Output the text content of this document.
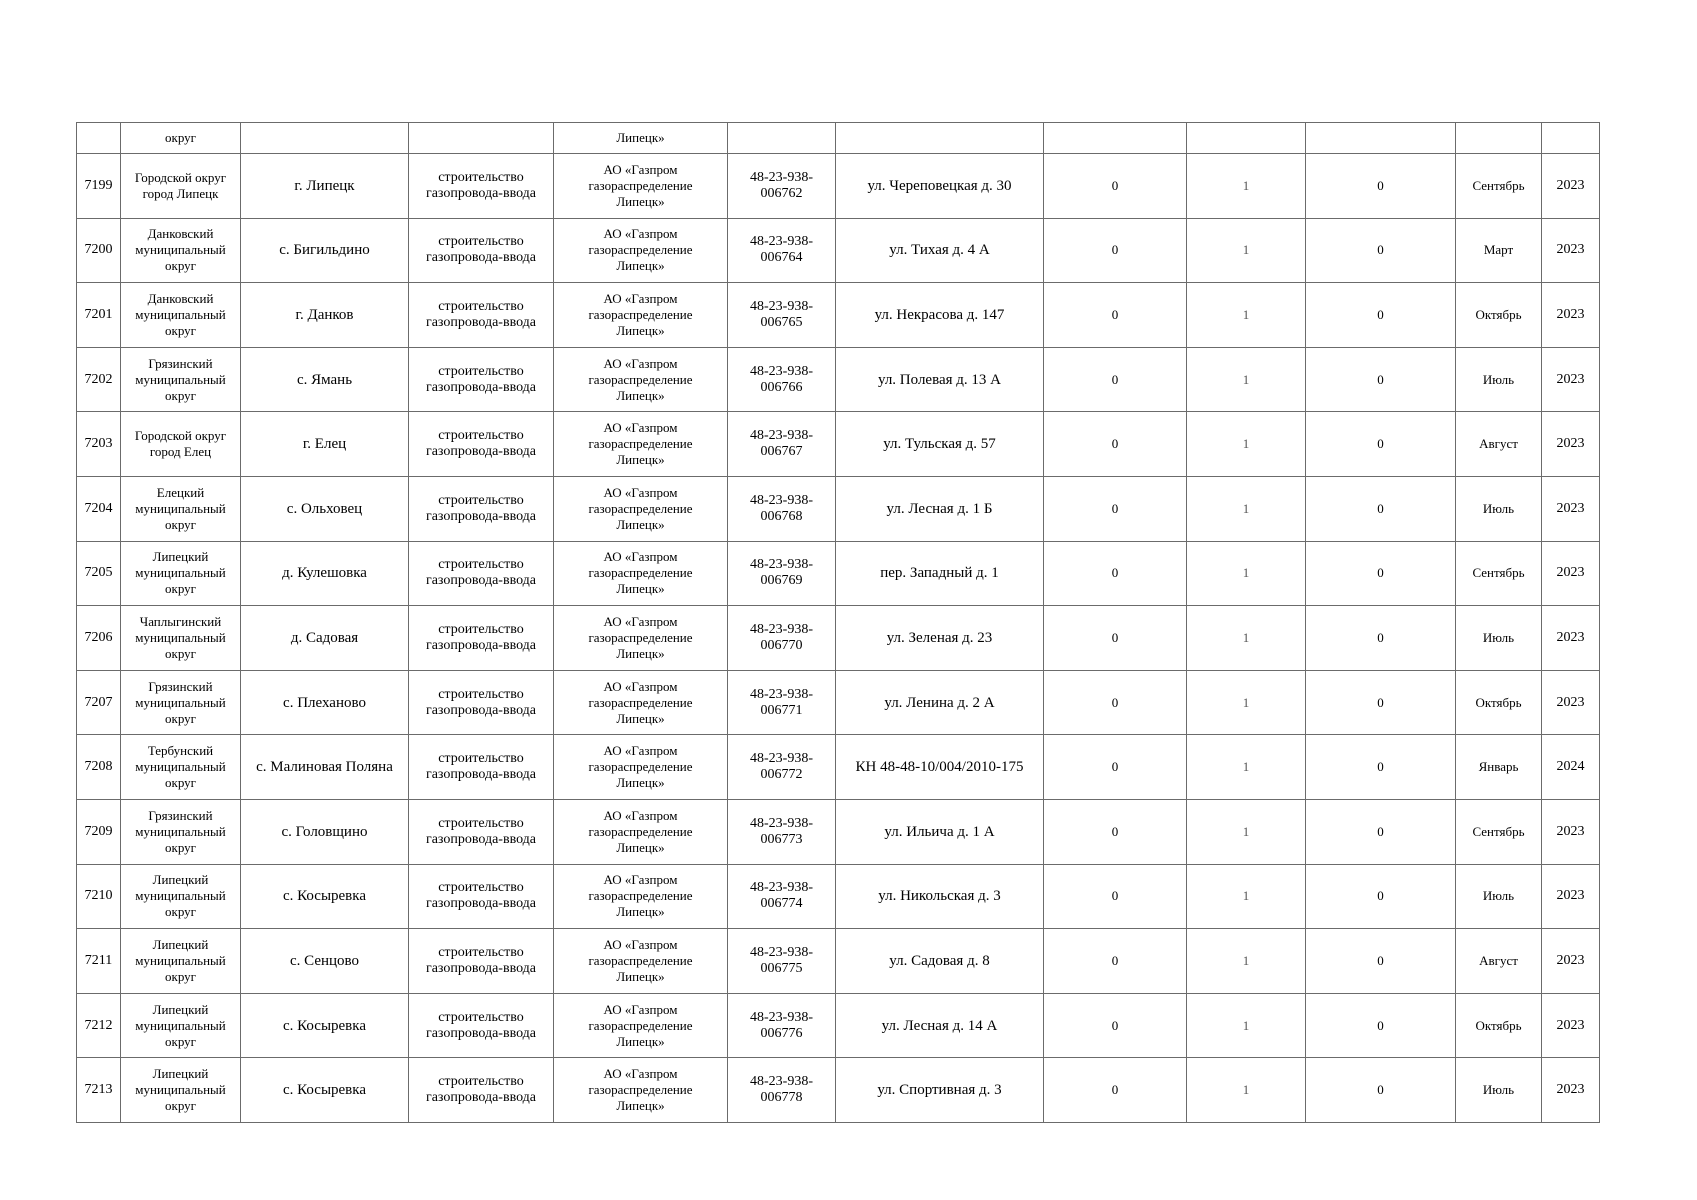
	округ			Липецк»							
7199	Городской округ
город Липецк	г. Липецк	строительство
газопровода-ввода	АО «Газпром
газораспределение
Липецк»	48-23-938-
006762	ул. Череповецкая д. 30	0	1	0	Сентябрь	2023
7200	Данковский
муниципальный
округ	с. Бигильдино	строительство
газопровода-ввода	АО «Газпром
газораспределение
Липецк»	48-23-938-
006764	ул. Тихая д. 4 А	0	1	0	Март	2023
7201	Данковский
муниципальный
округ	г. Данков	строительство
газопровода-ввода	АО «Газпром
газораспределение
Липецк»	48-23-938-
006765	ул. Некрасова д. 147	0	1	0	Октябрь	2023
7202	Грязинский
муниципальный
округ	с. Ямань	строительство
газопровода-ввода	АО «Газпром
газораспределение
Липецк»	48-23-938-
006766	ул. Полевая д. 13 А	0	1	0	Июль	2023
7203	Городской округ
город Елец	г. Елец	строительство
газопровода-ввода	АО «Газпром
газораспределение
Липецк»	48-23-938-
006767	ул. Тульская д. 57	0	1	0	Август	2023
7204	Елецкий
муниципальный
округ	с. Ольховец	строительство
газопровода-ввода	АО «Газпром
газораспределение
Липецк»	48-23-938-
006768	ул. Лесная д. 1 Б	0	1	0	Июль	2023
7205	Липецкий
муниципальный
округ	д. Кулешовка	строительство
газопровода-ввода	АО «Газпром
газораспределение
Липецк»	48-23-938-
006769	пер. Западный д. 1	0	1	0	Сентябрь	2023
7206	Чаплыгинский
муниципальный
округ	д. Садовая	строительство
газопровода-ввода	АО «Газпром
газораспределение
Липецк»	48-23-938-
006770	ул. Зеленая д. 23	0	1	0	Июль	2023
7207	Грязинский
муниципальный
округ	с. Плеханово	строительство
газопровода-ввода	АО «Газпром
газораспределение
Липецк»	48-23-938-
006771	ул. Ленина д. 2 А	0	1	0	Октябрь	2023
7208	Тербунский
муниципальный
округ	с. Малиновая Поляна	строительство
газопровода-ввода	АО «Газпром
газораспределение
Липецк»	48-23-938-
006772	КН 48-48-10/004/2010-175	0	1	0	Январь	2024
7209	Грязинский
муниципальный
округ	с. Головщино	строительство
газопровода-ввода	АО «Газпром
газораспределение
Липецк»	48-23-938-
006773	ул. Ильича д. 1 А	0	1	0	Сентябрь	2023
7210	Липецкий
муниципальный
округ	с. Косыревка	строительство
газопровода-ввода	АО «Газпром
газораспределение
Липецк»	48-23-938-
006774	ул. Никольская д. 3	0	1	0	Июль	2023
7211	Липецкий
муниципальный
округ	с. Сенцово	строительство
газопровода-ввода	АО «Газпром
газораспределение
Липецк»	48-23-938-
006775	ул. Садовая д. 8	0	1	0	Август	2023
7212	Липецкий
муниципальный
округ	с. Косыревка	строительство
газопровода-ввода	АО «Газпром
газораспределение
Липецк»	48-23-938-
006776	ул. Лесная д. 14 А	0	1	0	Октябрь	2023
7213	Липецкий
муниципальный
округ	с. Косыревка	строительство
газопровода-ввода	АО «Газпром
газораспределение
Липецк»	48-23-938-
006778	ул. Спортивная д. 3	0	1	0	Июль	2023
